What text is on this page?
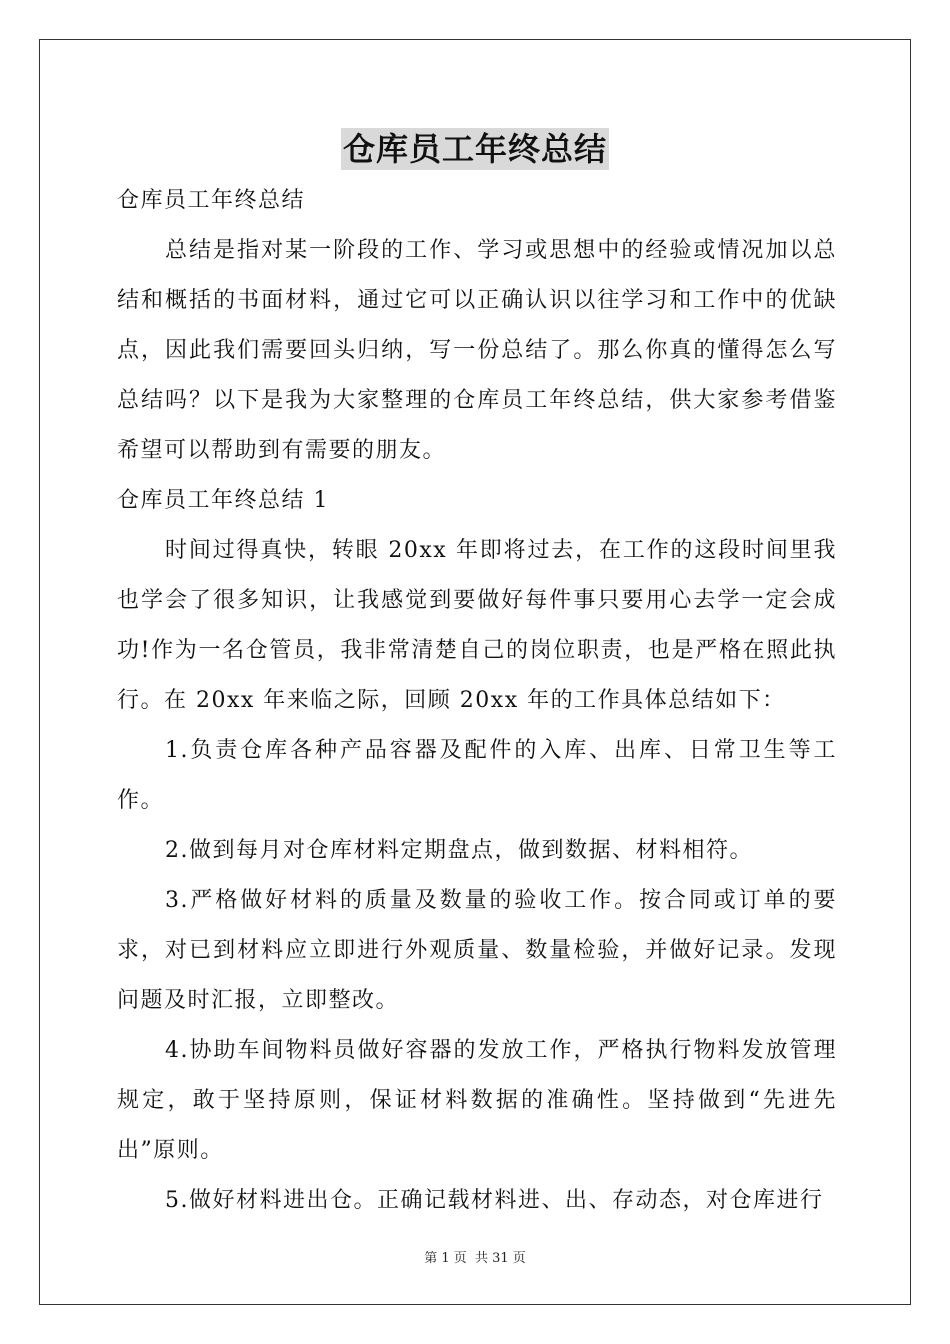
仓库员工年终总结

仓库员工年终总结

总结是指对某一阶段的工作、学习或思想中的经验或情况加以总结和概括的书面材料，通过它可以正确认识以往学习和工作中的优缺点，因此我们需要回头归纳，写一份总结了。那么你真的懂得怎么写总结吗？以下是我为大家整理的仓库员工年终总结，供大家参考借鉴希望可以帮助到有需要的朋友。

仓库员工年终总结 1

时间过得真快，转眼 20xx 年即将过去，在工作的这段时间里我也学会了很多知识，让我感觉到要做好每件事只要用心去学一定会成功!作为一名仓管员，我非常清楚自己的岗位职责，也是严格在照此执行。在 20xx 年来临之际，回顾 20xx 年的工作具体总结如下：

1.负责仓库各种产品容器及配件的入库、出库、日常卫生等工作。

2.做到每月对仓库材料定期盘点，做到数据、材料相符。

3.严格做好材料的质量及数量的验收工作。按合同或订单的要求，对已到材料应立即进行外观质量、数量检验，并做好记录。发现问题及时汇报，立即整改。

4.协助车间物料员做好容器的发放工作，严格执行物料发放管理规定，敢于坚持原则，保证材料数据的准确性。坚持做到“先进先出”原则。

5.做好材料进出仓。正确记载材料进、出、存动态，对仓库进行

第 1 页 共 31 页
